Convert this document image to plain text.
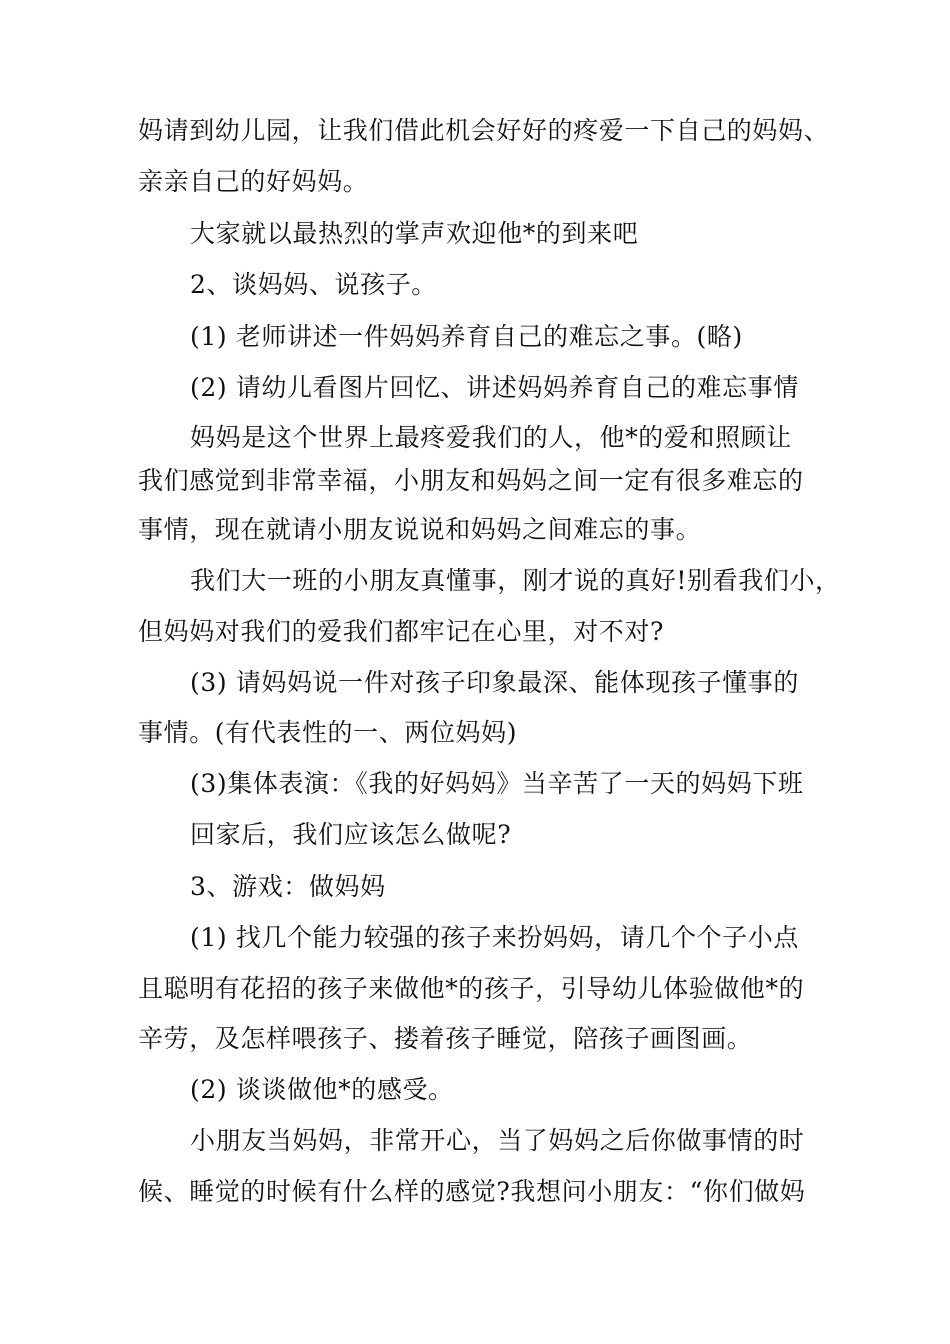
妈请到幼儿园，让我们借此机会好好的疼爱一下自己的妈妈、
亲亲自己的好妈妈。
大家就以最热烈的掌声欢迎他*的到来吧
2、谈妈妈、说孩子。
(1) 老师讲述一件妈妈养育自己的难忘之事。(略)
(2) 请幼儿看图片回忆、讲述妈妈养育自己的难忘事情
妈妈是这个世界上最疼爱我们的人，他*的爱和照顾让
我们感觉到非常幸福，小朋友和妈妈之间一定有很多难忘的
事情，现在就请小朋友说说和妈妈之间难忘的事。
我们大一班的小朋友真懂事，刚才说的真好!别看我们小，
但妈妈对我们的爱我们都牢记在心里，对不对?
(3) 请妈妈说一件对孩子印象最深、能体现孩子懂事的
事情。(有代表性的一、两位妈妈)
(3)集体表演：《我的好妈妈》当辛苦了一天的妈妈下班
回家后，我们应该怎么做呢?
3、游戏：做妈妈
(1) 找几个能力较强的孩子来扮妈妈，请几个个子小点
且聪明有花招的孩子来做他*的孩子，引导幼儿体验做他*的
辛劳，及怎样喂孩子、搂着孩子睡觉，陪孩子画图画。
(2) 谈谈做他*的感受。
小朋友当妈妈，非常开心，当了妈妈之后你做事情的时
候、睡觉的时候有什么样的感觉?我想问小朋友：“你们做妈
